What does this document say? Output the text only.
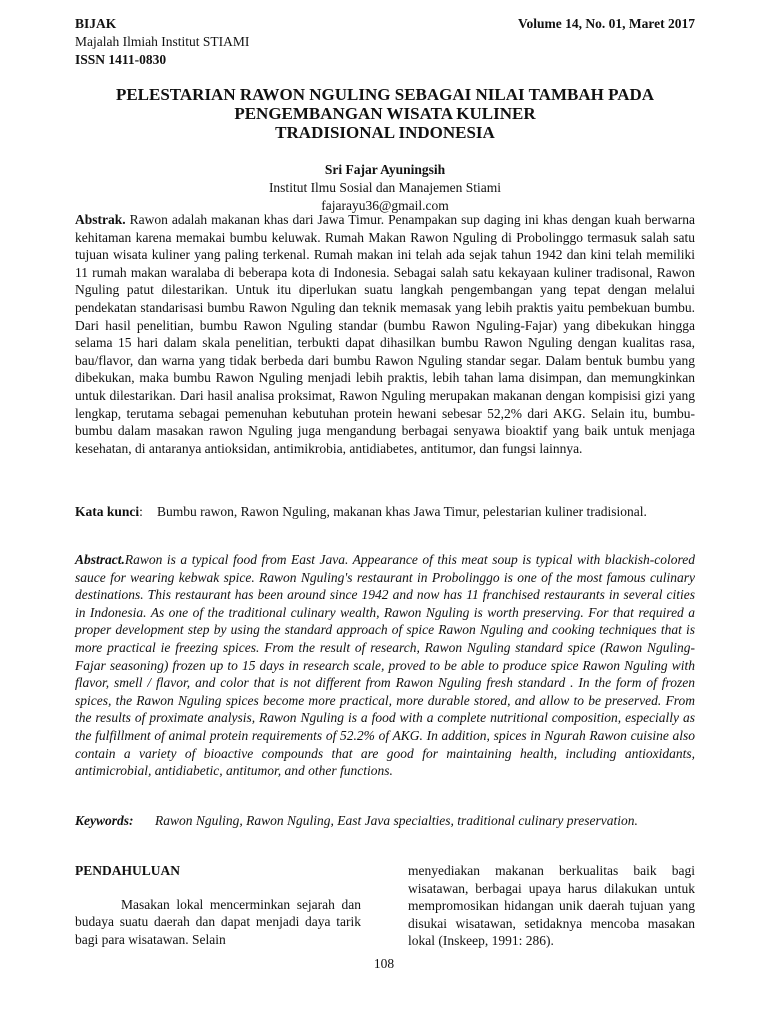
BIJAK	Volume 14, No. 01, Maret 2017
Majalah Ilmiah Institut STIAMI
ISSN 1411-0830
PELESTARIAN RAWON NGULING SEBAGAI NILAI TAMBAH PADA
PENGEMBANGAN WISATA KULINER
TRADISIONAL INDONESIA
Sri Fajar Ayuningsih
Institut Ilmu Sosial dan Manajemen Stiami
fajarayu36@gmail.com
Abstrak. Rawon adalah makanan khas dari Jawa Timur. Penampakan sup daging ini khas dengan kuah berwarna kehitaman karena memakai bumbu keluwak. Rumah Makan Rawon Nguling di Probolinggo termasuk salah satu tujuan wisata kuliner yang paling terkenal. Rumah makan ini telah ada sejak tahun 1942 dan kini telah memiliki 11 rumah makan waralaba di beberapa kota di Indonesia. Sebagai salah satu kekayaan kuliner tradisonal, Rawon Nguling patut dilestarikan. Untuk itu diperlukan suatu langkah pengembangan yang tepat dengan melalui pendekatan standarisasi bumbu Rawon Nguling dan teknik memasak yang lebih praktis yaitu pembekuan bumbu. Dari hasil penelitian, bumbu Rawon Nguling standar (bumbu Rawon Nguling-Fajar) yang dibekukan hingga selama 15 hari dalam skala penelitian, terbukti dapat dihasilkan bumbu Rawon Nguling dengan kualitas rasa, bau/flavor, dan warna yang tidak berbeda dari bumbu Rawon Nguling standar segar. Dalam bentuk bumbu yang dibekukan, maka bumbu Rawon Nguling menjadi lebih praktis, lebih tahan lama disimpan, dan memungkinkan untuk dilestarikan. Dari hasil analisa proksimat, Rawon Nguling merupakan makanan dengan kompisisi gizi yang lengkap, terutama sebagai pemenuhan kebutuhan protein hewani sebesar 52,2% dari AKG. Selain itu, bumbu-bumbu dalam masakan rawon Nguling juga mengandung berbagai senyawa bioaktif yang baik untuk menjaga kesehatan, di antaranya antioksidan, antimikrobia, antidiabetes, antitumor, dan fungsi lainnya.
Kata kunci:	Bumbu rawon, Rawon Nguling, makanan khas Jawa Timur, pelestarian kuliner tradisional.
Abstract.Rawon is a typical food from East Java. Appearance of this meat soup is typical with blackish-colored sauce for wearing kebwak spice. Rawon Nguling's restaurant in Probolinggo is one of the most famous culinary destinations. This restaurant has been around since 1942 and now has 11 franchised restaurants in several cities in Indonesia. As one of the traditional culinary wealth, Rawon Nguling is worth preserving. For that required a proper development step by using the standard approach of spice Rawon Nguling and cooking techniques that is more practical ie freezing spices. From the result of research, Rawon Nguling standard spice (Rawon Nguling-Fajar seasoning) frozen up to 15 days in research scale, proved to be able to produce spice Rawon Nguling with flavor, smell / flavor, and color that is not different from Rawon Nguling fresh standard . In the form of frozen spices, the Rawon Nguling spices become more practical, more durable stored, and allow to be preserved. From the results of proximate analysis, Rawon Nguling is a food with a complete nutritional composition, especially as the fulfillment of animal protein requirements of 52.2% of AKG. In addition, spices in Ngurah Rawon cuisine also contain a variety of bioactive compounds that are good for maintaining health, including antioxidants, antimicrobial, antidiabetic, antitumor, and other functions.
Keywords:	Rawon Nguling, Rawon Nguling, East Java specialties, traditional culinary preservation.
PENDAHULUAN
Masakan lokal mencerminkan sejarah dan budaya suatu daerah dan dapat menjadi daya tarik bagi para wisatawan. Selain
menyediakan makanan berkualitas baik bagi wisatawan, berbagai upaya harus dilakukan untuk mempromosikan hidangan unik daerah tujuan yang disukai wisatawan, setidaknya mencoba masakan lokal (Inskeep, 1991: 286).
108
